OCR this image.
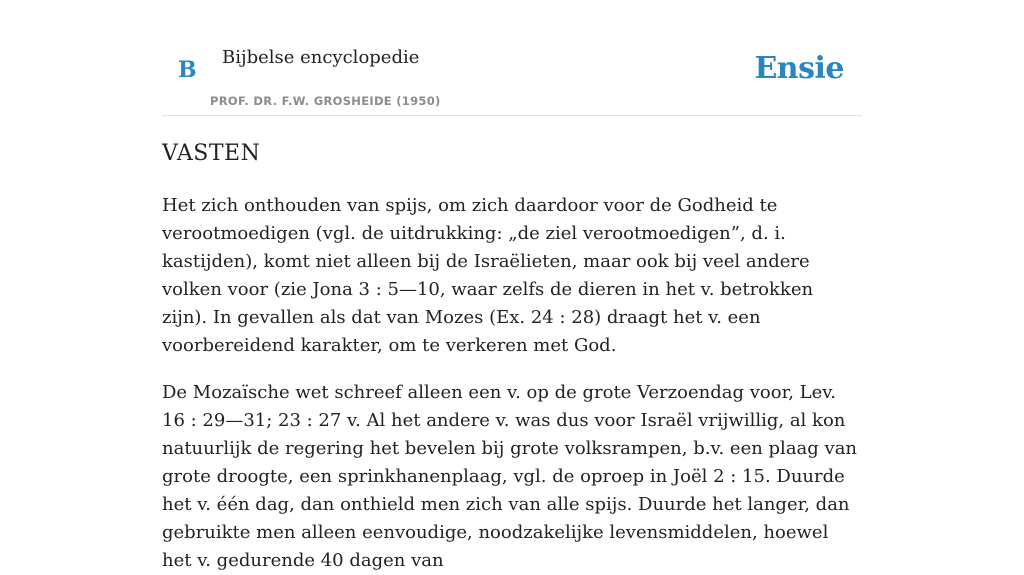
B Bijbelse encyclopedie
PROF. DR. F.W. GROSHEIDE (1950)
Ensie
VASTEN

Het zich onthouden van spijs, om zich daardoor voor de Godheid te verootmoedigen (vgl. de uitdrukking: „de ziel verootmoedigen”, d. i. kastijden), komt niet alleen bij de Israëlieten, maar ook bij veel andere volken voor (zie Jona 3 : 5—10, waar zelfs de dieren in het v. betrokken zijn). In gevallen als dat van Mozes (Ex. 24 : 28) draagt het v. een voorbereidend karakter, om te verkeren met God.

De Mozaïsche wet schreef alleen een v. op de grote Verzoendag voor, Lev. 16 : 29—31; 23 : 27 v. Al het andere v. was dus voor Israël vrijwillig, al kon natuurlijk de regering het bevelen bij grote volksrampen, b.v. een plaag van grote droogte, een sprinkhanenplaag, vgl. de oproep in Joël 2 : 15. Duurde het v. één dag, dan onthield men zich van alle spijs. Duurde het langer, dan gebruikte men alleen eenvoudige, noodzakelijke levensmiddelen, hoewel het v. gedurende 40 dagen van
